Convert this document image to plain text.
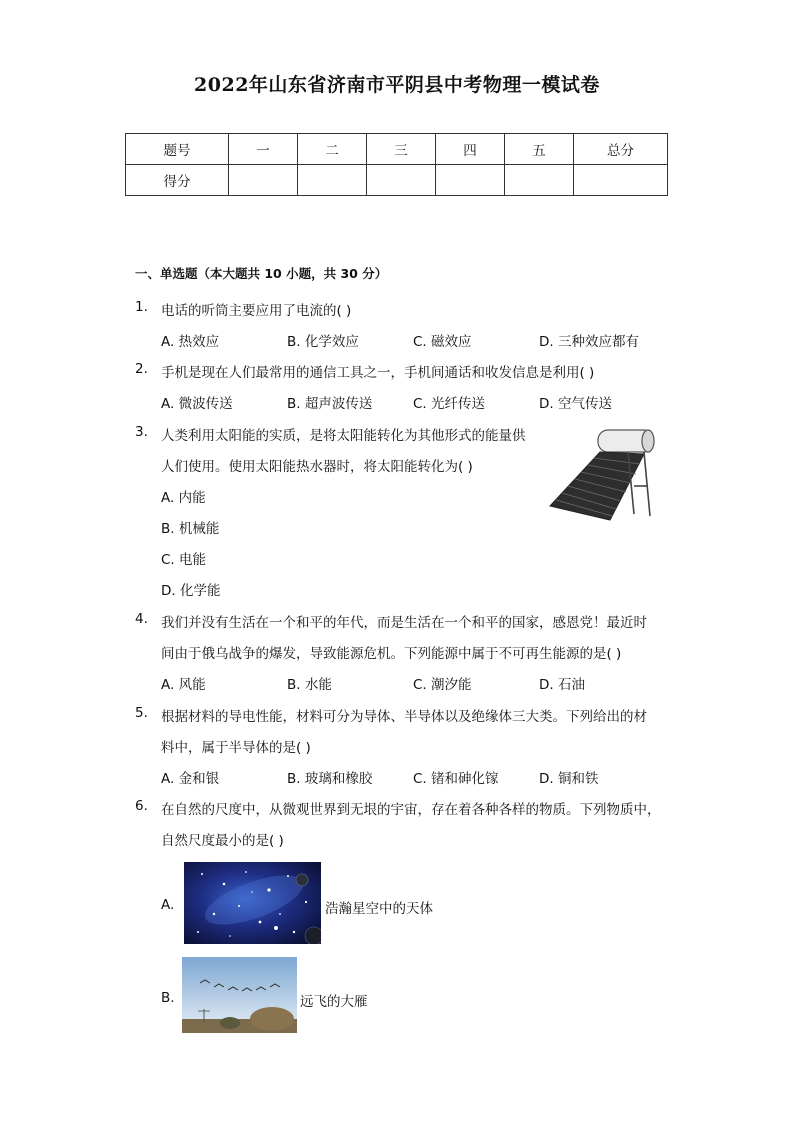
2022年山东省济南市平阴县中考物理一模试卷
题号	一	二	三	四	五	总分
得分						
一、单选题（本大题共 10 小题，共 30 分）
1. 电话的听筒主要应用了电流的( )
A. 热效应	B. 化学效应	C. 磁效应	D. 三种效应都有
2. 手机是现在人们最常用的通信工具之一，手机间通话和收发信息是利用( )
A. 微波传送	B. 超声波传送	C. 光纤传送	D. 空气传送
3. 人类利用太阳能的实质，是将太阳能转化为其他形式的能量供
人们使用。使用太阳能热水器时，将太阳能转化为( )
A. 内能
B. 机械能
C. 电能
D. 化学能
4. 我们并没有生活在一个和平的年代，而是生活在一个和平的国家，感恩党！最近时
间由于俄乌战争的爆发，导致能源危机。下列能源中属于不可再生能源的是( )
A. 风能	B. 水能	C. 潮汐能	D. 石油
5. 根据材料的导电性能，材料可分为导体、半导体以及绝缘体三大类。下列给出的材
料中，属于半导体的是( )
A. 金和银	B. 玻璃和橡胶	C. 锗和砷化镓	D. 铜和铁
6. 在自然的尺度中，从微观世界到无垠的宇宙，存在着各种各样的物质。下列物质中，
自然尺度最小的是( )
A.	浩瀚星空中的天体
B.	远飞的大雁
